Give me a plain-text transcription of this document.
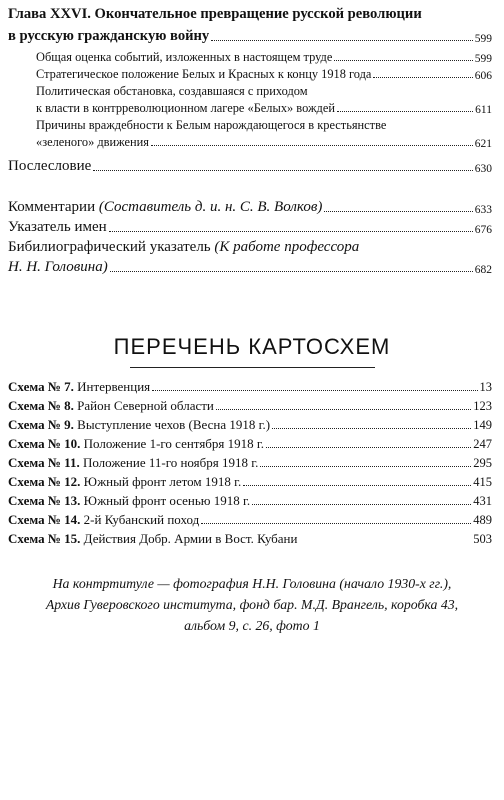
Глава XXVI. Окончательное превращение русской революции
в русскую гражданскую войну	599
Общая оценка событий, изложенных в настоящем труде	599
Стратегическое положение Белых и Красных к концу 1918 года	606
Политическая обстановка, создавшаяся с приходом
к власти в контрреволюционном лагере «Белых» вождей	611
Причины враждебности к Белым нарождающегося в крестьянстве
«зеленого» движения	621
Послесловие	630
Комментарии (Составитель д. и. н. С. В. Волков)	633
Указатель имен	676
Бибилиографический указатель (К работе профессора
Н. Н. Головина)	682
ПЕРЕЧЕНЬ КАРТОСХЕМ
Схема № 7. Интервенция	13
Схема № 8. Район Северной области	123
Схема № 9. Выступление чехов (Весна 1918 г.)	149
Схема № 10. Положение 1-го сентября 1918 г.	247
Схема № 11. Положение 11-го ноября 1918 г.	295
Схема № 12. Южный фронт летом 1918 г.	415
Схема № 13. Южный фронт осенью 1918 г.	431
Схема № 14. 2-й Кубанский поход	489
Схема № 15. Действия Добр. Армии в Вост. Кубани	503
На контртитуле — фотография Н.Н. Головина (начало 1930-х гг.),
Архив Гуверовского института, фонд бар. М.Д. Врангель, коробка 43,
альбом 9, с. 26, фото 1
